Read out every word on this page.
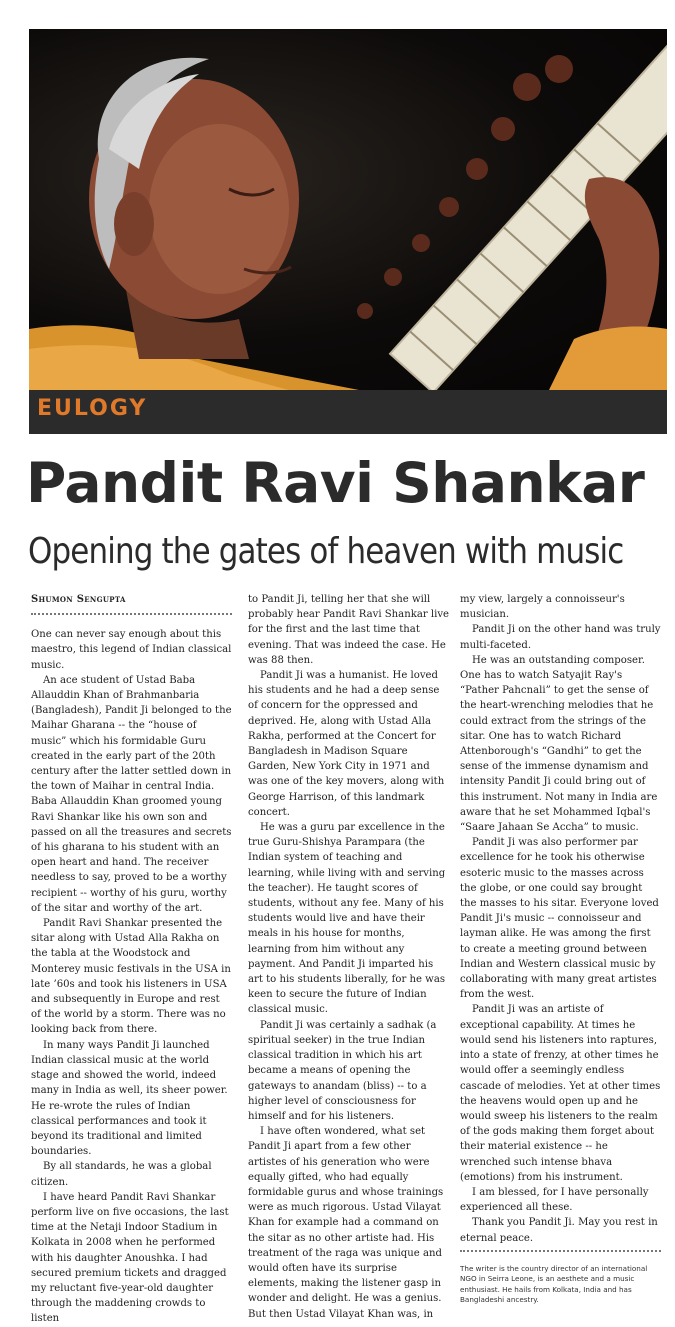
EULOGY
Pandit Ravi Shankar
Opening the gates of heaven with music
Shumon Sengupta

One can never say enough about this maestro, this legend of Indian classical music.

An ace student of Ustad Baba Allauddin Khan of Brahmanbaria (Bangladesh), Pandit Ji belonged to the Maihar Gharana -- the “house of music” which his formidable Guru created in the early part of the 20th century after the latter settled down in the town of Maihar in central India. Baba Allauddin Khan groomed young Ravi Shankar like his own son and passed on all the treasures and secrets of his gharana to his student with an open heart and hand. The receiver needless to say, proved to be a worthy recipient -- worthy of his guru, worthy of the sitar and worthy of the art.

Pandit Ravi Shankar presented the sitar along with Ustad Alla Rakha on the tabla at the Woodstock and Monterey music festivals in the USA in late ’60s and took his listeners in USA and subsequently in Europe and rest of the world by a storm. There was no looking back from there.

In many ways Pandit Ji launched Indian classical music at the world stage and showed the world, indeed many in India as well, its sheer power. He re-wrote the rules of Indian classical performances and took it beyond its traditional and limited boundaries.

By all standards, he was a global citizen.

I have heard Pandit Ravi Shankar perform live on five occasions, the last time at the Netaji Indoor Stadium in Kolkata in 2008 when he performed with his daughter Anoushka. I had secured premium tickets and dragged my reluctant five-year-old daughter through the maddening crowds to listen

to Pandit Ji, telling her that she will probably hear Pandit Ravi Shankar live for the first and the last time that evening. That was indeed the case. He was 88 then.

Pandit Ji was a humanist. He loved his students and he had a deep sense of concern for the oppressed and deprived. He, along with Ustad Alla Rakha, performed at the Concert for Bangladesh in Madison Square Garden, New York City in 1971 and was one of the key movers, along with George Harrison, of this landmark concert.

He was a guru par excellence in the true Guru-Shishya Parampara (the Indian system of teaching and learning, while living with and serving the teacher). He taught scores of students, without any fee. Many of his students would live and have their meals in his house for months, learning from him without any payment. And Pandit Ji imparted his art to his students liberally, for he was keen to secure the future of Indian classical music.

Pandit Ji was certainly a sadhak (a spiritual seeker) in the true Indian classical tradition in which his art became a means of opening the gateways to anandam (bliss) -- to a higher level of consciousness for himself and for his listeners.

I have often wondered, what set Pandit Ji apart from a few other artistes of his generation who were equally gifted, who had equally formidable gurus and whose trainings were as much rigorous. Ustad Vilayat Khan for example had a command on the sitar as no other artiste had. His treatment of the raga was unique and would often have its surprise elements, making the listener gasp in wonder and delight. He was a genius. But then Ustad Vilayat Khan was, in

my view, largely a connoisseur's musician.

Pandit Ji on the other hand was truly multi-faceted.

He was an outstanding composer. One has to watch Satyajit Ray's “Pather Pahcnali” to get the sense of the heart-wrenching melodies that he could extract from the strings of the sitar. One has to watch Richard Attenborough's “Gandhi” to get the sense of the immense dynamism and intensity Pandit Ji could bring out of this instrument. Not many in India are aware that he set Mohammed Iqbal's “Saare Jahaan Se Accha” to music.

Pandit Ji was also performer par excellence for he took his otherwise esoteric music to the masses across the globe, or one could say brought the masses to his sitar. Everyone loved Pandit Ji's music -- connoisseur and layman alike. He was among the first to create a meeting ground between Indian and Western classical music by collaborating with many great artistes from the west.

Pandit Ji was an artiste of exceptional capability. At times he would send his listeners into raptures, into a state of frenzy, at other times he would offer a seemingly endless cascade of melodies. Yet at other times the heavens would open up and he would sweep his listeners to the realm of the gods making them forget about their material existence -- he wrenched such intense bhava (emotions) from his instrument.

I am blessed, for I have personally experienced all these.

Thank you Pandit Ji. May you rest in eternal peace.

The writer is the country director of an international NGO in Seirra Leone, is an aesthete and a music enthusiast. He hails from Kolkata, India and has Bangladeshi ancestry.
